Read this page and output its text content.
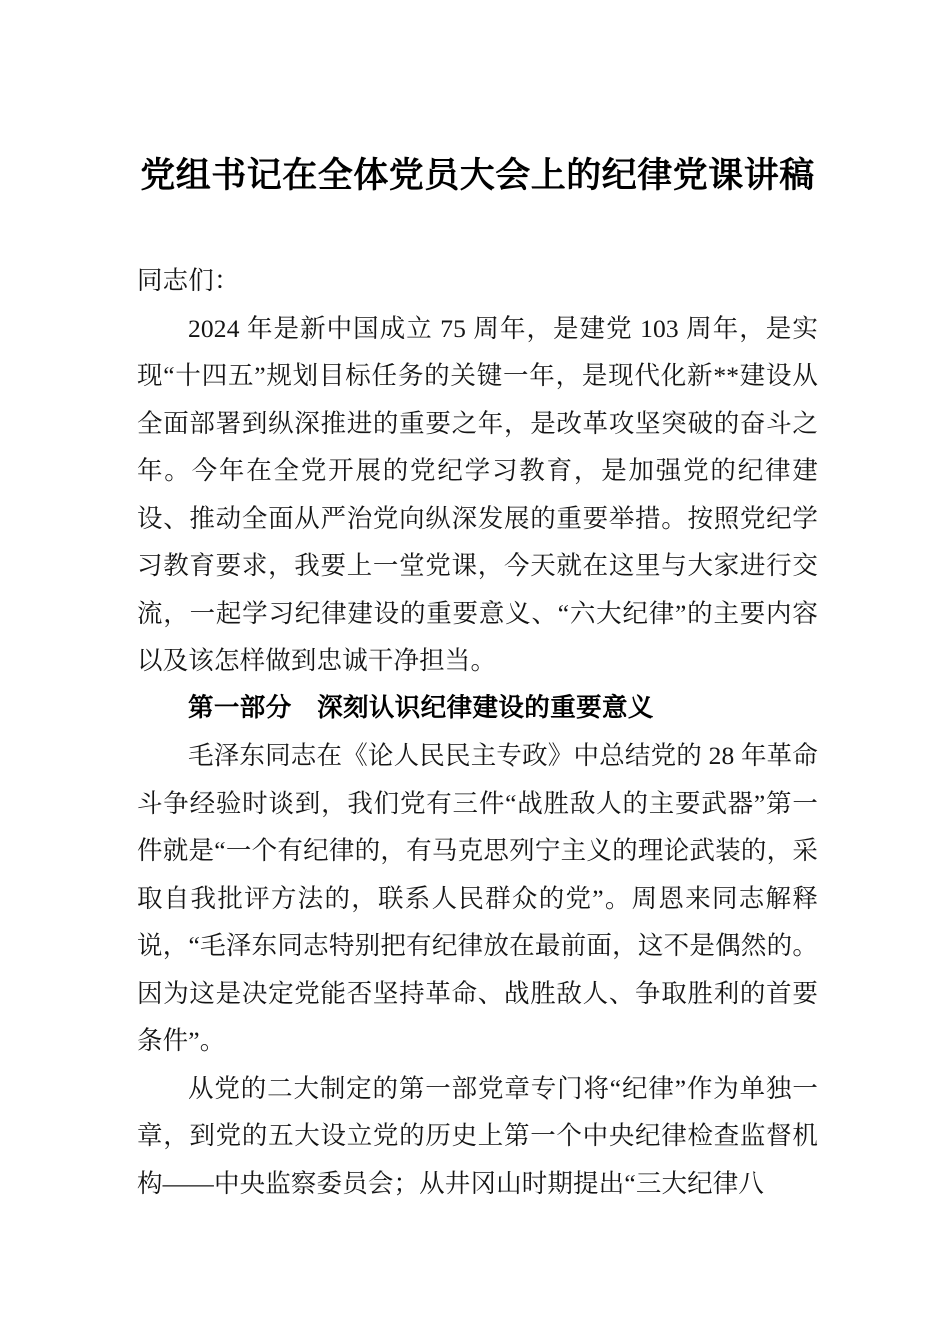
党组书记在全体党员大会上的纪律党课讲稿

同志们：

2024 年是新中国成立 75 周年，是建党 103 周年，是实现“十四五”规划目标任务的关键一年，是现代化新**建设从全面部署到纵深推进的重要之年，是改革攻坚突破的奋斗之年。今年在全党开展的党纪学习教育，是加强党的纪律建设、推动全面从严治党向纵深发展的重要举措。按照党纪学习教育要求，我要上一堂党课，今天就在这里与大家进行交流，一起学习纪律建设的重要意义、“六大纪律”的主要内容以及该怎样做到忠诚干净担当。

第一部分 深刻认识纪律建设的重要意义

毛泽东同志在《论人民民主专政》中总结党的 28 年革命斗争经验时谈到，我们党有三件“战胜敌人的主要武器”第一件就是“一个有纪律的，有马克思列宁主义的理论武装的，采取自我批评方法的，联系人民群众的党”。周恩来同志解释说，“毛泽东同志特别把有纪律放在最前面，这不是偶然的。因为这是决定党能否坚持革命、战胜敌人、争取胜利的首要条件”。

从党的二大制定的第一部党章专门将“纪律”作为单独一章，到党的五大设立党的历史上第一个中央纪律检查监督机构——中央监察委员会；从井冈山时期提出“三大纪律八
